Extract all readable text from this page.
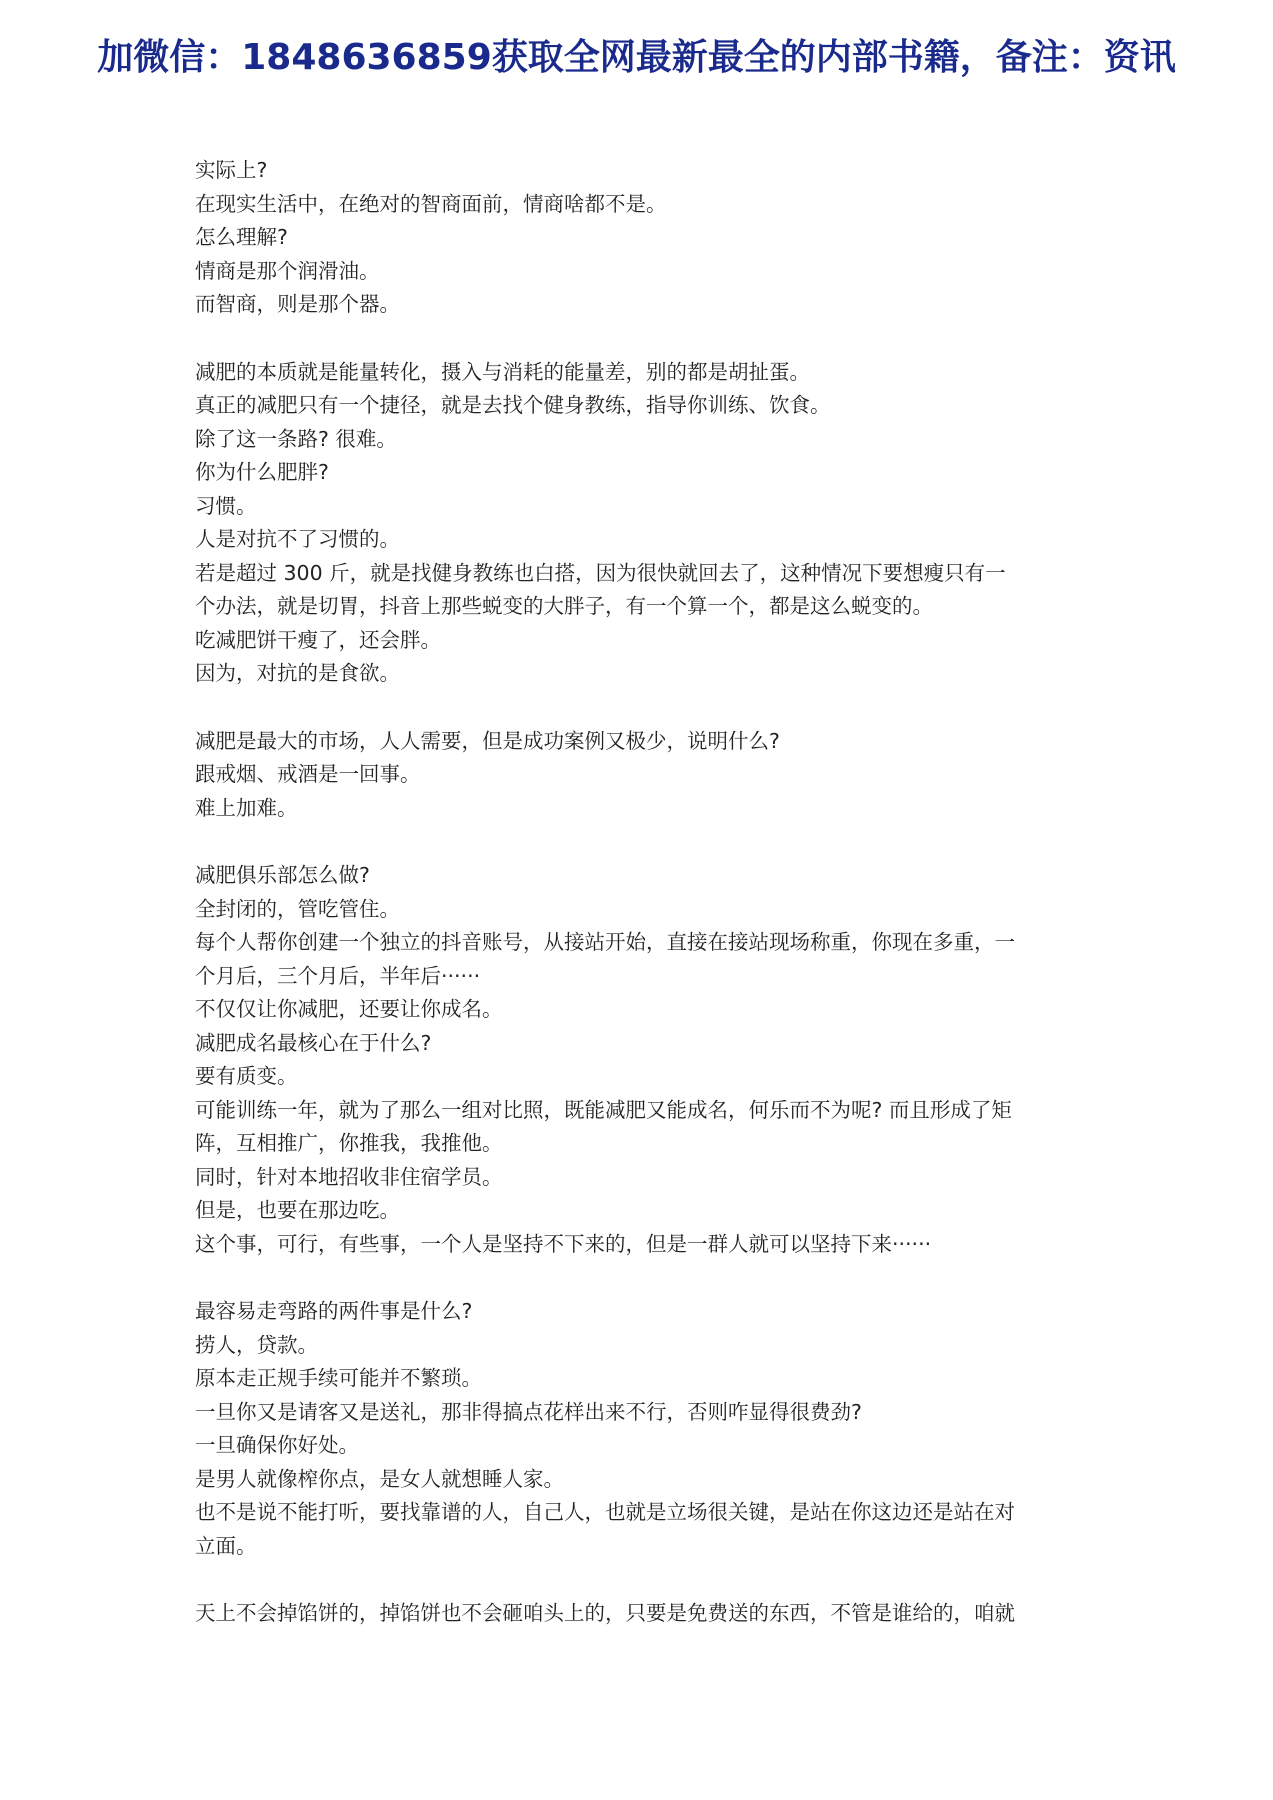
加微信：1848636859获取全网最新最全的内部书籍，备注：资讯
实际上?
在现实生活中，在绝对的智商面前，情商啥都不是。
怎么理解?
情商是那个润滑油。
而智商，则是那个器。
减肥的本质就是能量转化，摄入与消耗的能量差，别的都是胡扯蛋。
真正的减肥只有一个捷径，就是去找个健身教练，指导你训练、饮食。
除了这一条路? 很难。
你为什么肥胖?
习惯。
人是对抗不了习惯的。
若是超过 300 斤，就是找健身教练也白搭，因为很快就回去了，这种情况下要想瘦只有一
个办法，就是切胃，抖音上那些蜕变的大胖子，有一个算一个，都是这么蜕变的。
吃减肥饼干瘦了，还会胖。
因为，对抗的是食欲。
减肥是最大的市场，人人需要，但是成功案例又极少，说明什么?
跟戒烟、戒酒是一回事。
难上加难。
减肥俱乐部怎么做?
全封闭的，管吃管住。
每个人帮你创建一个独立的抖音账号，从接站开始，直接在接站现场称重，你现在多重，一
个月后，三个月后，半年后······
不仅仅让你减肥，还要让你成名。
减肥成名最核心在于什么?
要有质变。
可能训练一年，就为了那么一组对比照，既能减肥又能成名，何乐而不为呢? 而且形成了矩
阵，互相推广，你推我，我推他。
同时，针对本地招收非住宿学员。
但是，也要在那边吃。
这个事，可行，有些事，一个人是坚持不下来的，但是一群人就可以坚持下来······
最容易走弯路的两件事是什么?
捞人，贷款。
原本走正规手续可能并不繁琐。
一旦你又是请客又是送礼，那非得搞点花样出来不行，否则咋显得很费劲?
一旦确保你好处。
是男人就像榨你点，是女人就想睡人家。
也不是说不能打听，要找靠谱的人，自己人，也就是立场很关键，是站在你这边还是站在对
立面。
天上不会掉馅饼的，掉馅饼也不会砸咱头上的，只要是免费送的东西，不管是谁给的，咱就
